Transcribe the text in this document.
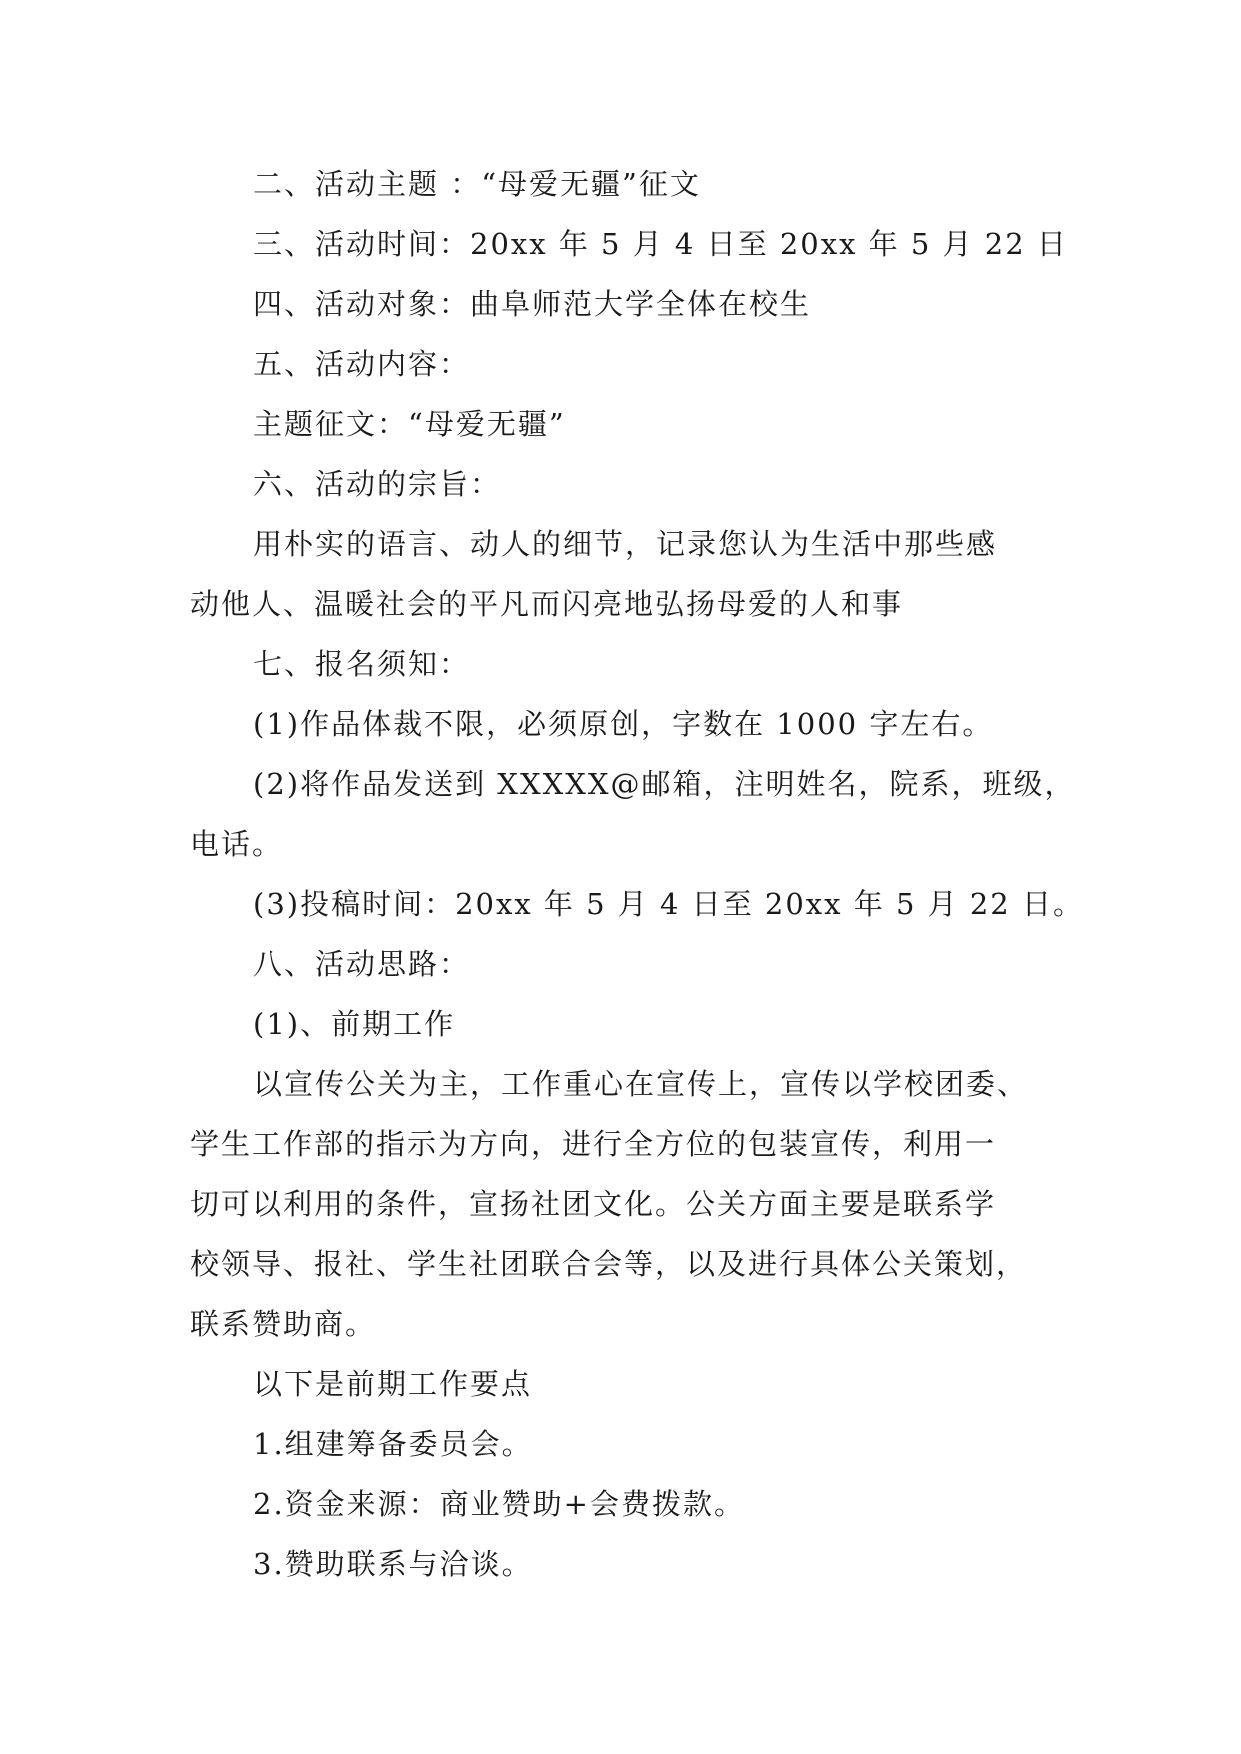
二、活动主题 ：“母爱无疆”征文
三、活动时间：20xx 年 5 月 4 日至 20xx 年 5 月 22 日
四、活动对象：曲阜师范大学全体在校生
五、活动内容：
主题征文：“母爱无疆”
六、活动的宗旨：
用朴实的语言、动人的细节，记录您认为生活中那些感
动他人、温暖社会的平凡而闪亮地弘扬母爱的人和事
七、报名须知：
(1)作品体裁不限，必须原创，字数在 1000 字左右。
(2)将作品发送到 XXXXX@邮箱，注明姓名，院系，班级，
电话。
(3)投稿时间：20xx 年 5 月 4 日至 20xx 年 5 月 22 日。
八、活动思路：
(1)、前期工作
以宣传公关为主，工作重心在宣传上，宣传以学校团委、
学生工作部的指示为方向，进行全方位的包装宣传，利用一
切可以利用的条件，宣扬社团文化。公关方面主要是联系学
校领导、报社、学生社团联合会等，以及进行具体公关策划，
联系赞助商。
以下是前期工作要点
1.组建筹备委员会。
2.资金来源：商业赞助+会费拨款。
3.赞助联系与洽谈。
